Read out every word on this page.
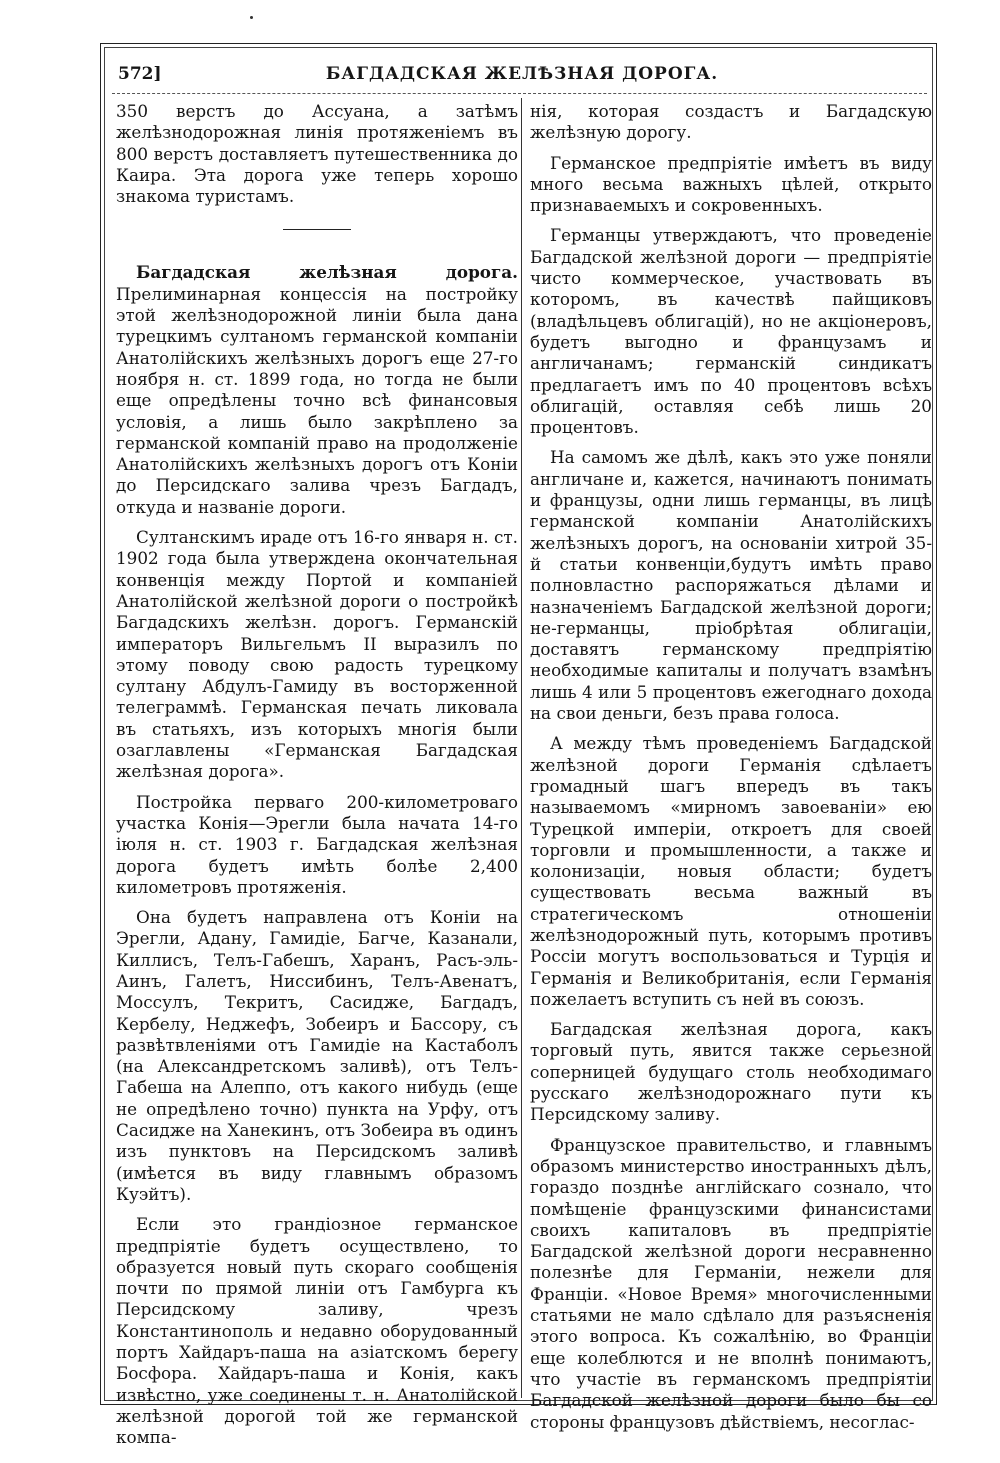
572]	БАГДАДСКАЯ ЖЕЛѢЗНАЯ ДОРОГА.

350 верстъ до Ассуана, а затѣмъ желѣзнодорожная линія протяженіемъ въ 800 верстъ доставляетъ путешественника до Каира. Эта дорога уже теперь хорошо знакома туристамъ.

Багдадская желѣзная дорога. Прелиминарная концессія на постройку этой желѣзнодорожной линіи была дана турецкимъ султаномъ германской компаніи Анатолійскихъ желѣзныхъ дорогъ еще 27-го ноября н. ст. 1899 года, но тогда не были еще опредѣлены точно всѣ финансовыя условія, а лишь было закрѣплено за германской компаній право на продолженіе Анатолійскихъ желѣзныхъ дорогъ отъ Коніи до Персидскаго залива чрезъ Багдадъ, откуда и названіе дороги.

Султанскимъ ираде отъ 16-го января н. ст. 1902 года была утверждена окончательная конвенція между Портой и компаніей Анатолійской желѣзной дороги о постройкѣ Багдадскихъ желѣзн. дорогъ. Германскій императоръ Вильгельмъ II выразилъ по этому поводу свою радость турецкому султану Абдулъ-Гамиду въ восторженной телеграммѣ. Германская печать ликовала въ статьяхъ, изъ которыхъ многія были озаглавлены «Германская Багдадская желѣзная дорога».

Постройка перваго 200-километроваго участка Конія—Эрегли была начата 14-го іюля н. ст. 1903 г. Багдадская желѣзная дорога будетъ имѣть болѣе 2,400 километровъ протяженія.

Она будетъ направлена отъ Коніи на Эрегли, Адану, Гамидіе, Багче, Казанали, Киллисъ, Телъ-Габешъ, Харанъ, Расъ-эль-Аинъ, Галетъ, Ниссибинъ, Телъ-Авенатъ, Моссулъ, Текритъ, Сасидже, Багдадъ, Кербелу, Неджефъ, Зобеиръ и Бассору, съ развѣтвленіями отъ Гамидіе на Кастаболъ (на Александретскомъ заливѣ), отъ Телъ-Габеша на Алеппо, отъ какого нибудь (еще не опредѣлено точно) пункта на Урфу, отъ Сасидже на Ханекинъ, отъ Зобеира въ одинъ изъ пунктовъ на Персидскомъ заливѣ (имѣется въ виду главнымъ образомъ Куэйтъ).

Если это грандіозное германское предпріятіе будетъ осуществлено, то образуется новый путь скораго сообщенія почти по прямой линіи отъ Гамбурга къ Персидскому заливу, чрезъ Константинополь и недавно оборудованный портъ Хайдаръ-паша на азіатскомъ берегу Босфора. Хайдаръ-паша и Конія, какъ извѣстно, уже соединены т. н. Анатолійской желѣзной дорогой той же германской компа-

нія, которая создастъ и Багдадскую желѣзную дорогу.

Германское предпріятіе имѣетъ въ виду много весьма важныхъ цѣлей, открыто признаваемыхъ и сокровенныхъ.

Германцы утверждаютъ, что проведеніе Багдадской желѣзной дороги — предпріятіе чисто коммерческое, участвовать въ которомъ, въ качествѣ пайщиковъ (владѣльцевъ облигацій), но не акціонеровъ, будетъ выгодно и французамъ и англичанамъ; германскій синдикатъ предлагаетъ имъ по 40 процентовъ всѣхъ облигацій, оставляя себѣ лишь 20 процентовъ.

На самомъ же дѣлѣ, какъ это уже поняли англичане и, кажется, начинаютъ понимать и французы, одни лишь германцы, въ лицѣ германской компаніи Анатолійскихъ желѣзныхъ дорогъ, на основаніи хитрой 35-й статьи конвенціи,будутъ имѣть право полновластно распоряжаться дѣлами и назначеніемъ Багдадской желѣзной дороги; не-германцы, пріобрѣтая облигаціи, доставятъ германскому предпріятію необходимые капиталы и получатъ взамѣнъ лишь 4 или 5 процентовъ ежегоднаго дохода на свои деньги, безъ права голоса.

А между тѣмъ проведеніемъ Багдадской желѣзной дороги Германія сдѣлаетъ громадный шагъ впередъ въ такъ называемомъ «мирномъ завоеваніи» ею Турецкой имперіи, откроетъ для своей торговли и промышленности, а также и колонизаціи, новыя области; будетъ существовать весьма важный въ стратегическомъ отношеніи желѣзнодорожный путь, которымъ противъ Россіи могутъ воспользоваться и Турція и Германія и Великобританія, если Германія пожелаетъ вступить съ ней въ союзъ.

Багдадская желѣзная дорога, какъ торговый путь, явится также серьезной соперницей будущаго столь необходимаго русскаго желѣзнодорожнаго пути къ Персидскому заливу.

Французское правительство, и главнымъ образомъ министерство иностранныхъ дѣлъ, гораздо позднѣе англійскаго сознало, что помѣщеніе французскими финансистами своихъ капиталовъ въ предпріятіе Багдадской желѣзной дороги несравненно полезнѣе для Германіи, нежели для Франціи. «Новое Время» многочисленными статьями не мало сдѣлало для разъясненія этого вопроса. Къ сожалѣнію, во Франціи еще колеблются и не вполнѣ понимаютъ, что участіе въ германскомъ предпріятіи Багдадской желѣзной дороги было бы со стороны французовъ дѣйствіемъ, несоглас-
